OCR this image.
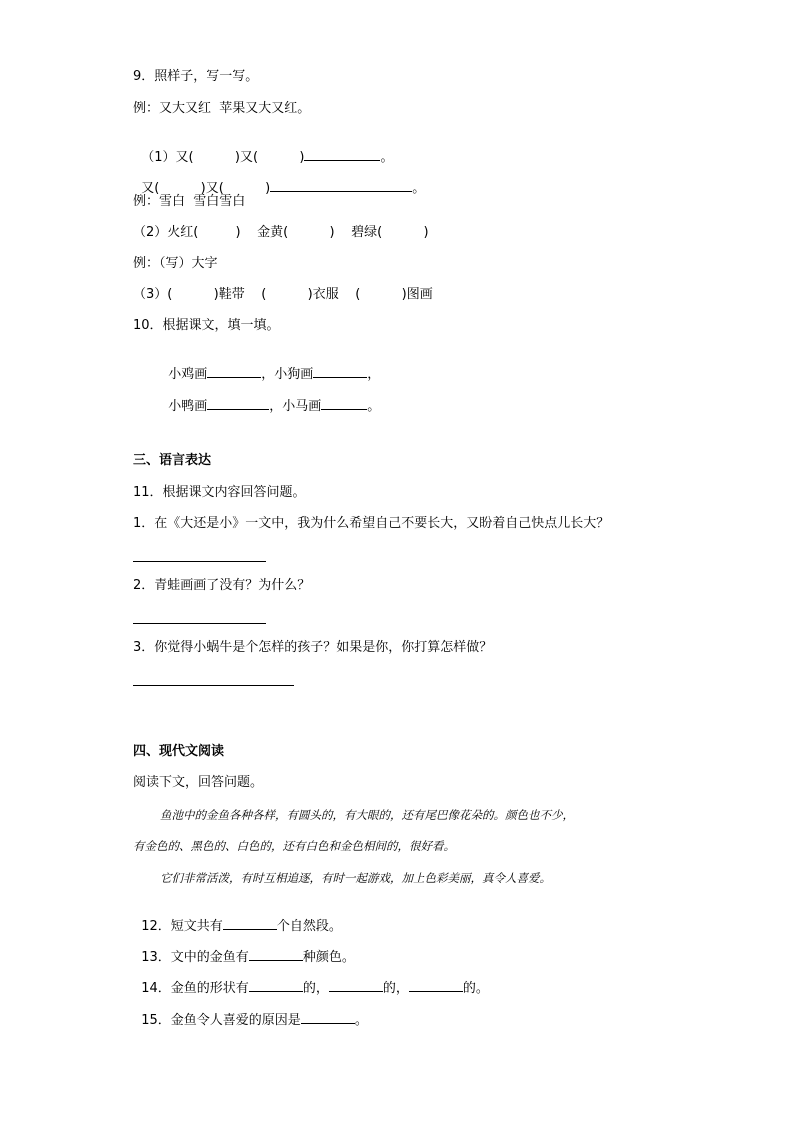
9．照样子，写一写。
例：又大又红  苹果又大又红。

（1）又(          )又(          )	。

又(          )又(          )	。

例：雪白  雪白雪白
（2）火红(         )    金黄(          )    碧绿(          )
例：（写）大字
（3）(          )鞋带    (          )衣服    (          )图画
10．根据课文，填一填。

小鸡画	，小狗画	，

小鸭画	，小马画	。

三、语言表达
11．根据课文内容回答问题。
1．在《大还是小》一文中，我为什么希望自己不要长大，又盼着自己快点儿长大？
2．青蛙画画了没有？为什么？
3．你觉得小蜗牛是个怎样的孩子？如果是你，你打算怎样做？
四、现代文阅读
阅读下文，回答问题。
鱼池中的金鱼各种各样，有圆头的，有大眼的，还有尾巴像花朵的。颜色也不少，
有金色的、黑色的、白色的，还有白色和金色相间的，很好看。
它们非常活泼，有时互相追逐，有时一起游戏，加上色彩美丽，真令人喜爱。

12．短文共有	个自然段。

13．文中的金鱼有	种颜色。

14．金鱼的形状有	的，	的，	的。

15．金鱼令人喜爱的原因是	。
